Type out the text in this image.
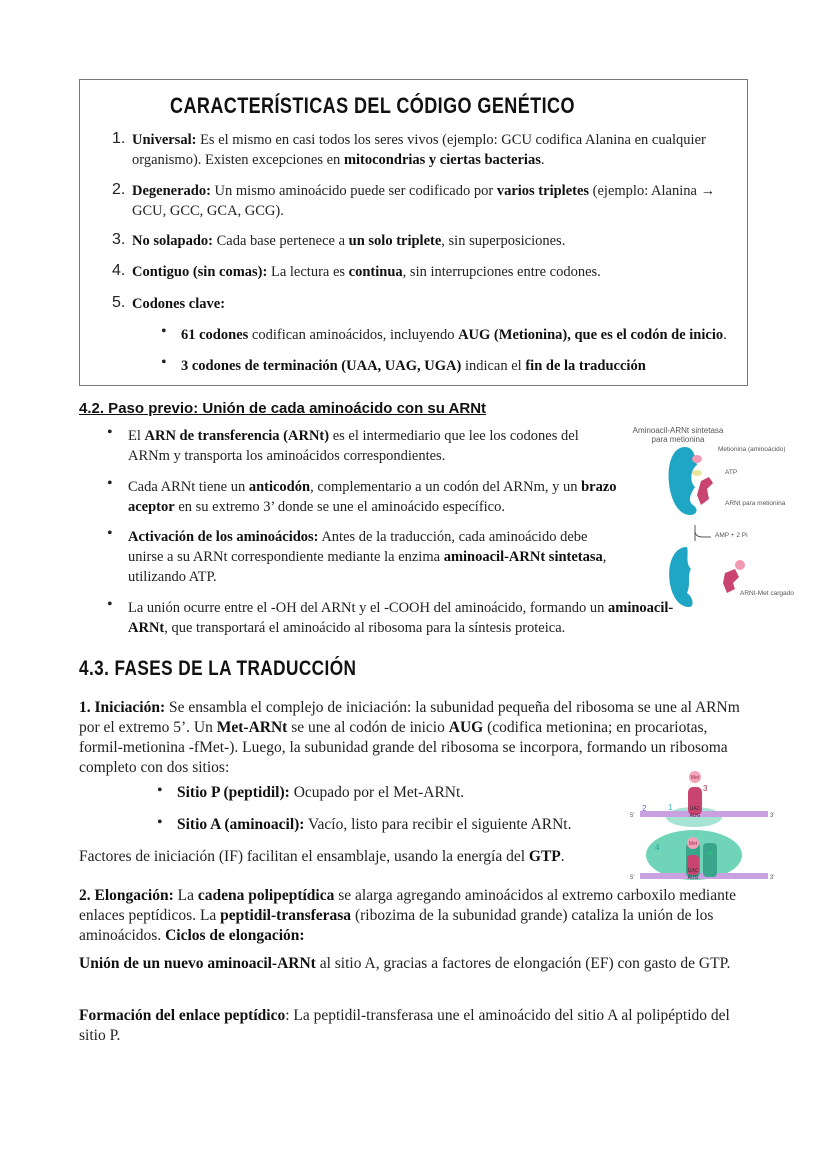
CARACTERÍSTICAS DEL CÓDIGO GENÉTICO
1. Universal: Es el mismo en casi todos los seres vivos (ejemplo: GCU codifica Alanina en cualquier organismo). Existen excepciones en mitocondrias y ciertas bacterias.
2. Degenerado: Un mismo aminoácido puede ser codificado por varios tripletes (ejemplo: Alanina → GCU, GCC, GCA, GCG).
3. No solapado: Cada base pertenece a un solo triplete, sin superposiciones.
4. Contiguo (sin comas): La lectura es continua, sin interrupciones entre codones.
5. Codones clave:
• 61 codones codifican aminoácidos, incluyendo AUG (Metionina), que es el codón de inicio.
• 3 codones de terminación (UAA, UAG, UGA) indican el fin de la traducción
4.2. Paso previo: Unión de cada aminoácido con su ARNt
• El ARN de transferencia (ARNt) es el intermediario que lee los codones del ARNm y transporta los aminoácidos correspondientes.
• Cada ARNt tiene un anticodón, complementario a un codón del ARNm, y un brazo aceptor en su extremo 3’ donde se une el aminoácido específico.
• Activación de los aminoácidos: Antes de la traducción, cada aminoácido debe unirse a su ARNt correspondiente mediante la enzima aminoacil-ARNt sintetasa, utilizando ATP.
• La unión ocurre entre el -OH del ARNt y el -COOH del aminoácido, formando un aminoacil-ARNt, que transportará el aminoácido al ribosoma para la síntesis proteica.
Metionina (aminoácido)
ATP
ARNt para metionina
AMP + 2 Pi
ARNt-Met cargado
Aminoacil-ARNt sintetasa para metionina
4.3. FASES DE LA TRADUCCIÓN
1. Iniciación: Se ensambla el complejo de iniciación: la subunidad pequeña del ribosoma se une al ARNm por el extremo 5’. Un Met-ARNt se une al codón de inicio AUG (codifica metionina; en procariotas, formil-metionina -fMet-). Luego, la subunidad grande del ribosoma se incorpora, formando un ribosoma completo con dos sitios:
• Sitio P (peptidil): Ocupado por el Met-ARNt.
• Sitio A (aminoacil): Vacío, listo para recibir el siguiente ARNt.
Factores de iniciación (IF) facilitan el ensamblaje, usando la energía del GTP.
2. Elongación: La cadena polipeptídica se alarga agregando aminoácidos al extremo carboxilo mediante enlaces peptídicos. La peptidil-transferasa (ribozima de la subunidad grande) cataliza la unión de los aminoácidos. Ciclos de elongación:
Unión de un nuevo aminoacil-ARNt al sitio A, gracias a factores de elongación (EF) con gasto de GTP.
Formación del enlace peptídico: La peptidil-transferasa une el aminoácido del sitio A al polipéptido del sitio P.
Met
UAC
AUG
5'	3'
2	1
3
Met
A
UAC
AUG
4
5'	3'
